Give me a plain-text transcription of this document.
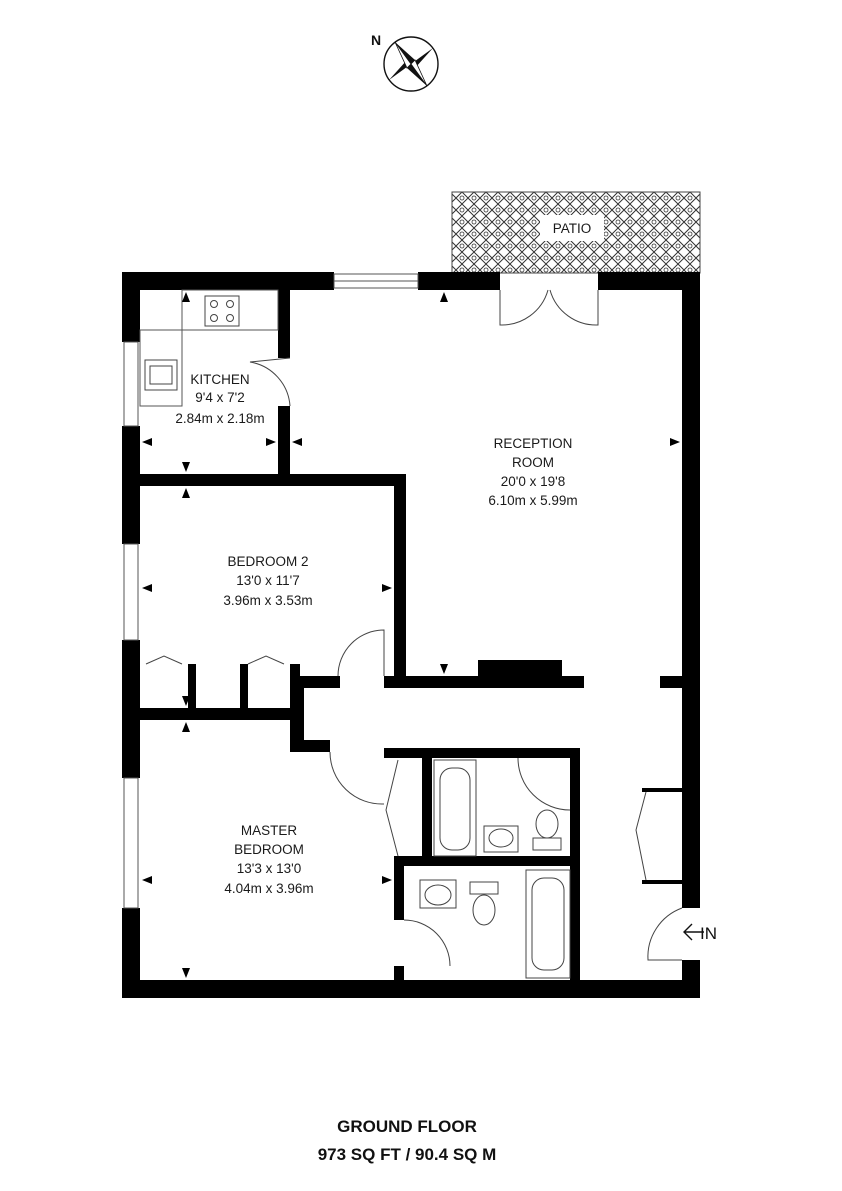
N
PATIO
KITCHEN
9'4 x 7'2
2.84m x 2.18m
RECEPTION
ROOM
20'0 x 19'8
6.10m x 5.99m
BEDROOM 2
13'0 x 11'7
3.96m x 3.53m
MASTER
BEDROOM
13'3 x 13'0
4.04m x 3.96m
IN
GROUND FLOOR
973 SQ FT / 90.4 SQ M
